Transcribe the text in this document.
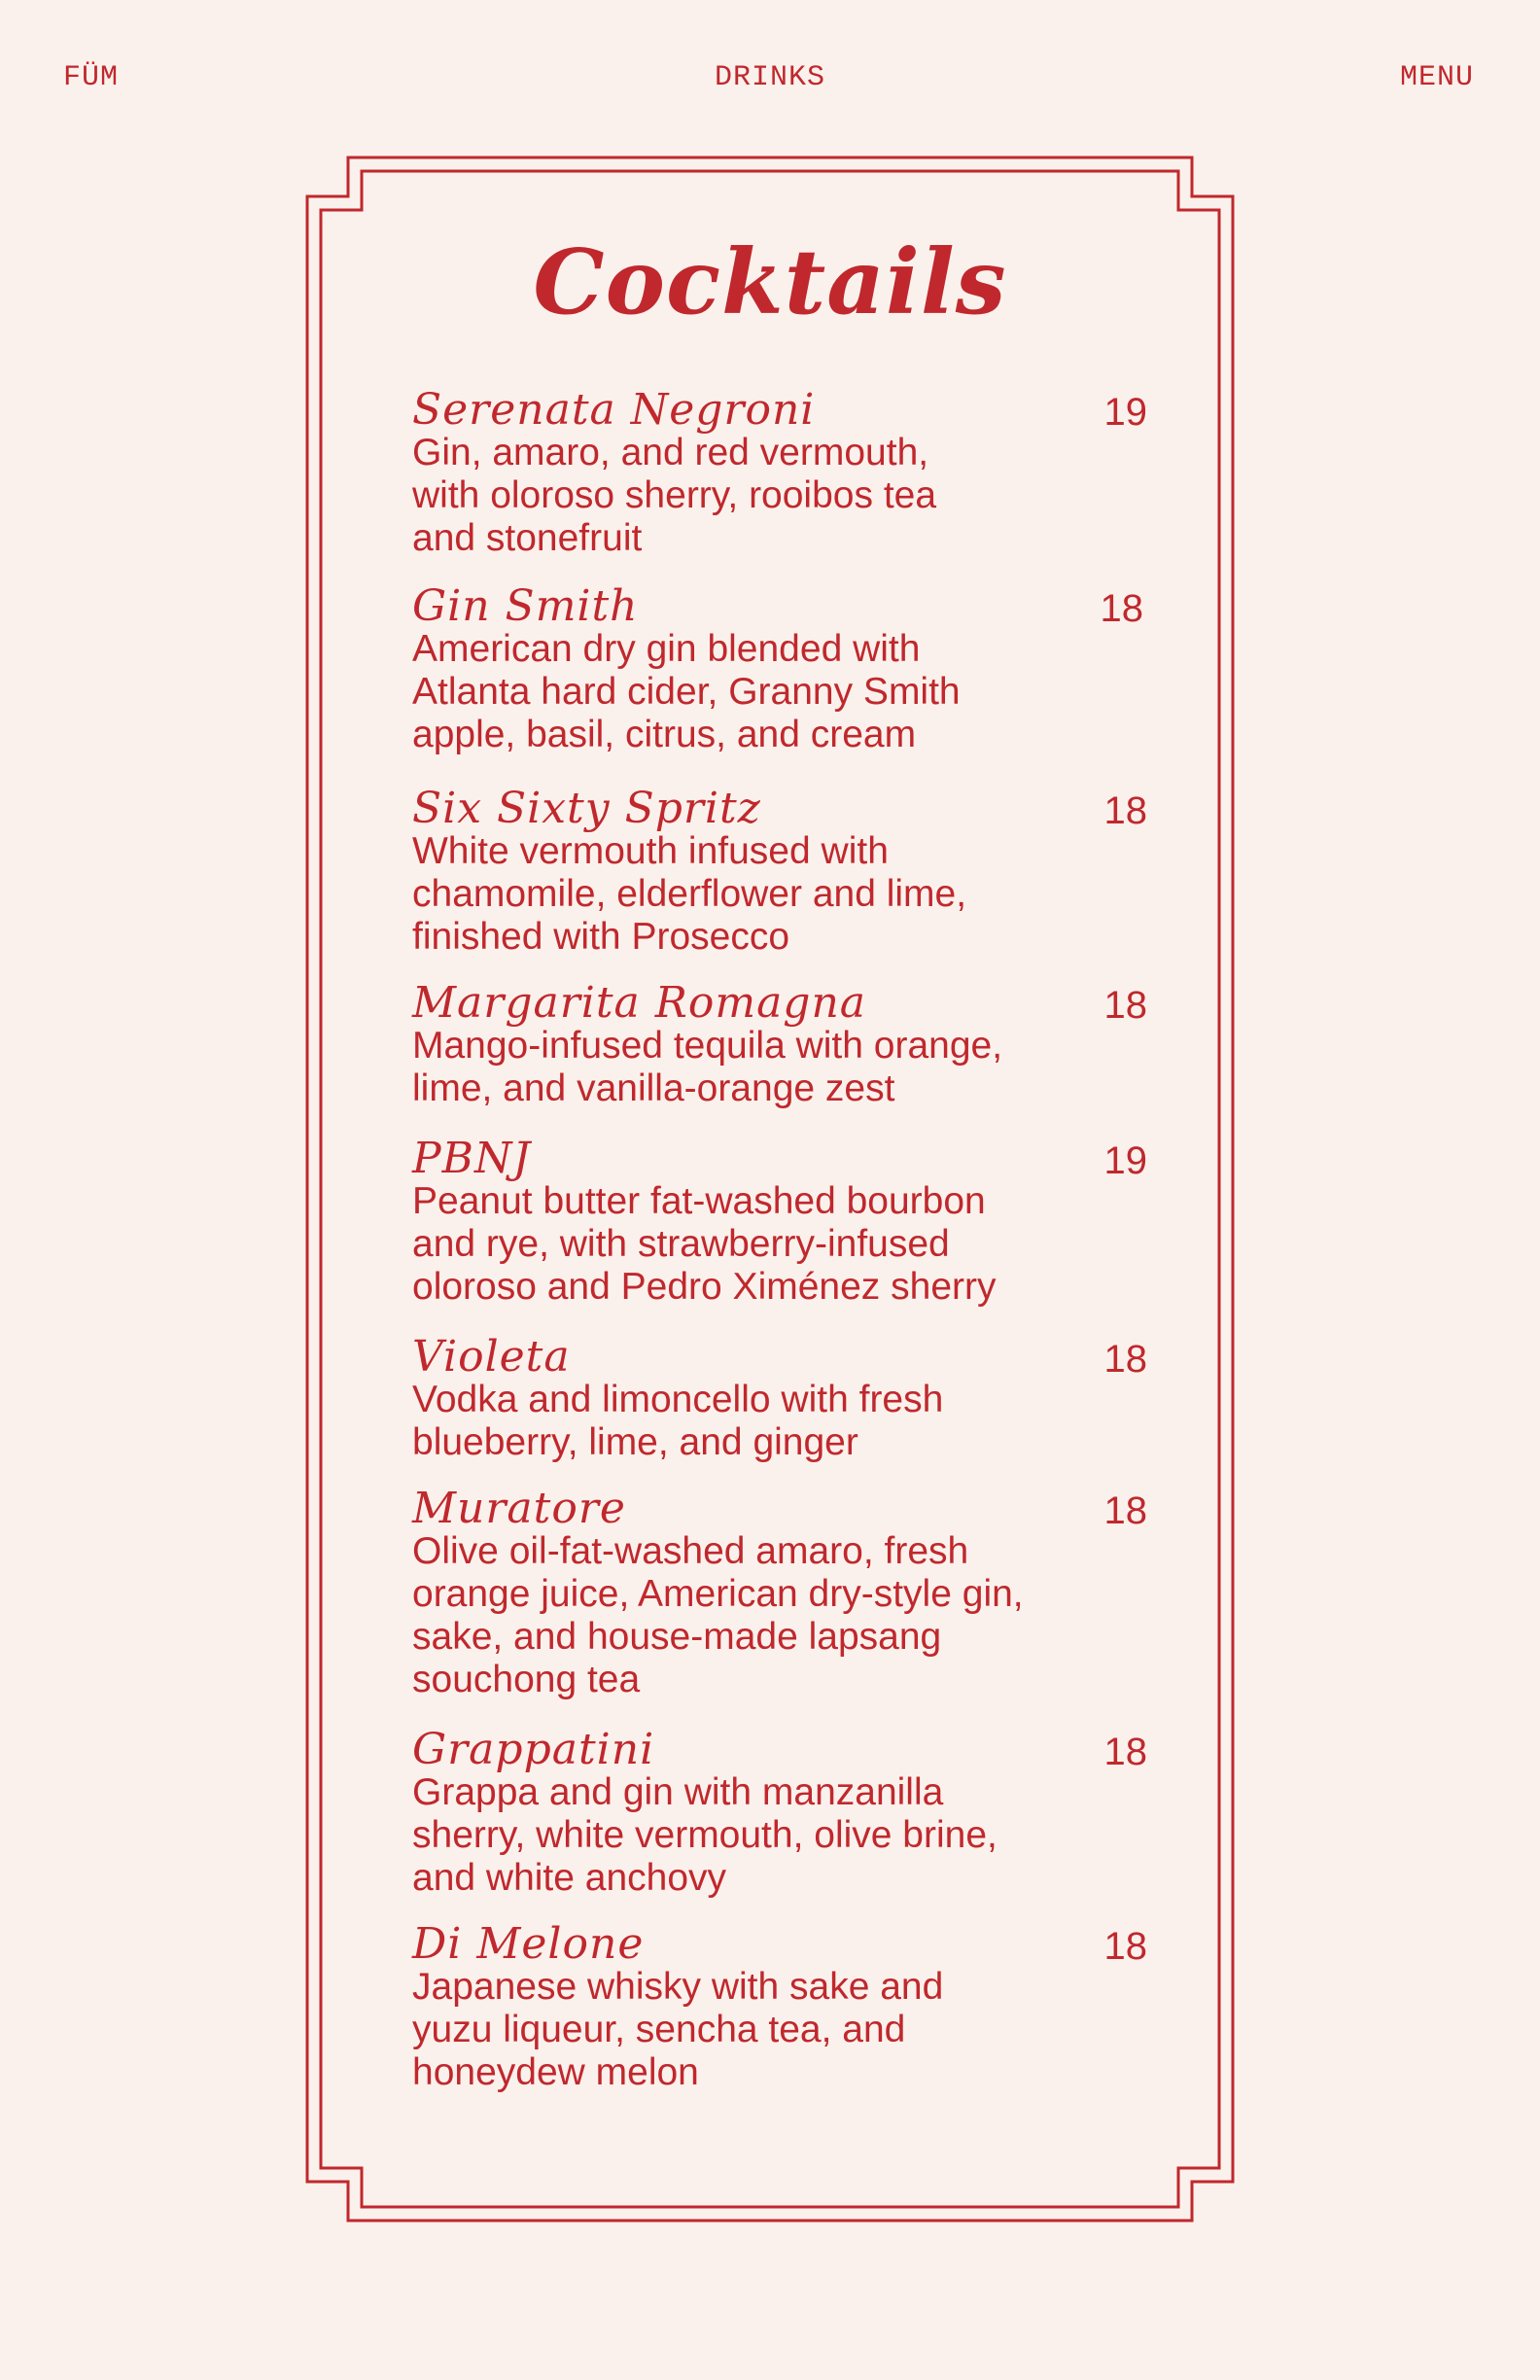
FÜM	DRINKS	MENU
Cocktails
Serenata Negroni	19
Gin, amaro, and red vermouth,
with oloroso sherry, rooibos tea
and stonefruit
Gin Smith	18
American dry gin blended with
Atlanta hard cider, Granny Smith
apple, basil, citrus, and cream
Six Sixty Spritz	18
White vermouth infused with
chamomile, elderflower and lime,
finished with Prosecco
Margarita Romagna	18
Mango-infused tequila with orange,
lime, and vanilla-orange zest
PBNJ	19
Peanut butter fat-washed bourbon
and rye, with strawberry-infused
oloroso and Pedro Ximénez sherry
Violeta	18
Vodka and limoncello with fresh
blueberry, lime, and ginger
Muratore	18
Olive oil-fat-washed amaro, fresh
orange juice, American dry-style gin,
sake, and house-made lapsang
souchong tea
Grappatini	18
Grappa and gin with manzanilla
sherry, white vermouth, olive brine,
and white anchovy
Di Melone	18
Japanese whisky with sake and
yuzu liqueur, sencha tea, and
honeydew melon
